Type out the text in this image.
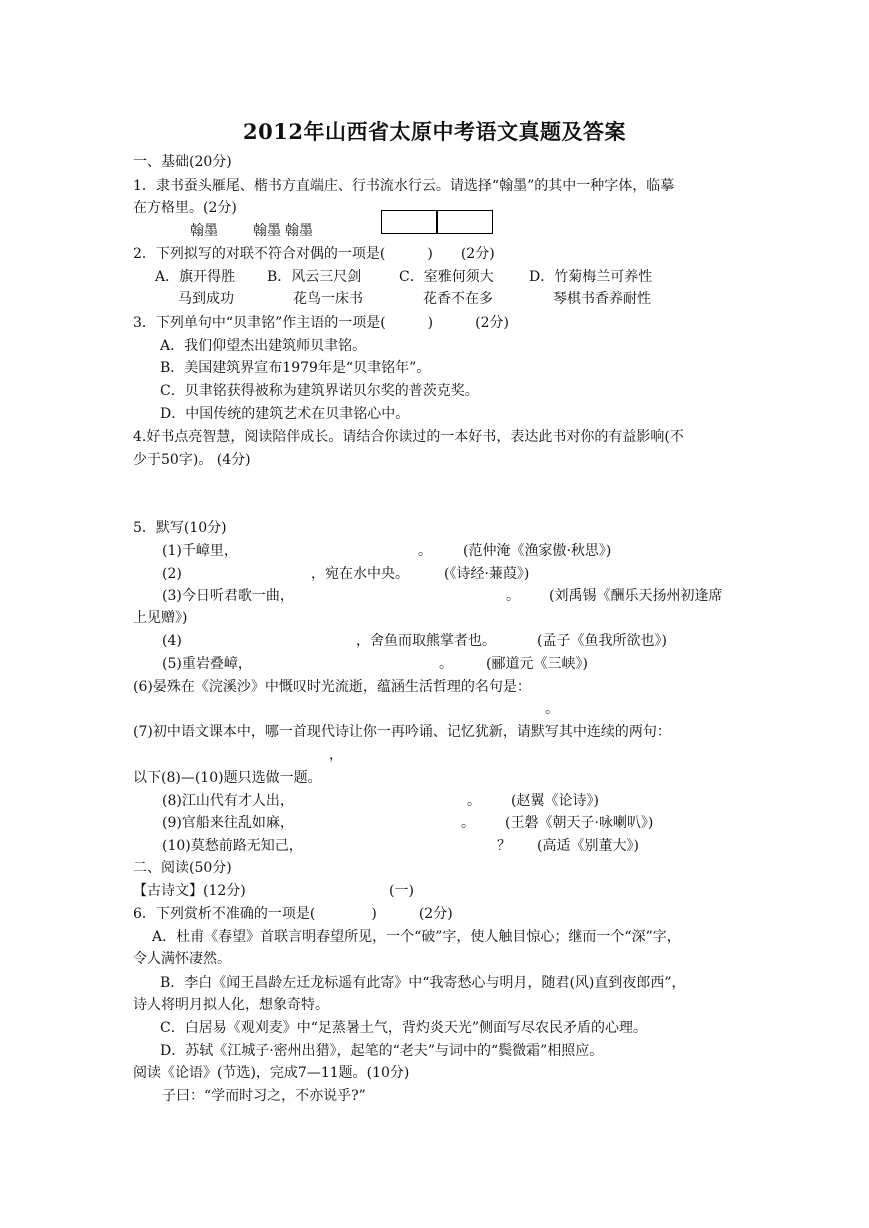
2012年山西省太原中考语文真题及答案
一、基础(20分)
1．隶书蚕头雁尾、楷书方直端庄、行书流水行云。请选择“翰墨”的其中一种字体，临摹
在方格里。(2分)
翰墨	翰墨 翰墨
2．下列拟写的对联不符合对偶的一项是(　　　)　　(2分)
A．旗开得胜 B．风云三尺剑	C．室雅何须大	D．竹菊梅兰可养性
马到成功	花鸟一床书	花香不在多	琴棋书香养耐性
3．下列单句中“贝聿铭”作主语的一项是(　　　)　　　(2分)
A．我们仰望杰出建筑师贝聿铭。
B．美国建筑界宣布1979年是“贝聿铭年”。
C．贝聿铭获得被称为建筑界诺贝尔奖的普茨克奖。
D．中国传统的建筑艺术在贝聿铭心中。
4.好书点亮智慧，阅读陪伴成长。请结合你读过的一本好书，表达此书对你的有益影响(不
少于50字)。 (4分)
5．默写(10分)
(1)千嶂里，	。 (范仲淹《渔家傲·秋思》)
(2)	，宛在水中央。	(《诗经·蒹葭》)
(3)今日听君歌一曲，	。 (刘禹锡《酬乐天扬州初逢席
上见赠》)
(4)	，舍鱼而取熊掌者也。	(孟子《鱼我所欲也》)
(5)重岩叠嶂，	。 (郦道元《三峡》)
(6)晏殊在《浣溪沙》中慨叹时光流逝，蕴涵生活哲理的名句是：
。
(7)初中语文课本中，哪一首现代诗让你一再吟诵、记忆犹新，请默写其中连续的两句：
，
以下(8)—(10)题只选做一题。
(8)江山代有才人出，	。 (赵翼《论诗》)
(9)官船来往乱如麻，	。 (王磐《朝天子·咏喇叭》)
(10)莫愁前路无知己，	？ (高适《别董大》)
二、阅读(50分)
【古诗文】(12分)	(一)
6．下列赏析不准确的一项是(　　　　)　　　(2分)
A．杜甫《春望》首联言明春望所见，一个“破”字，使人触目惊心；继而一个“深”字，
令人满怀凄然。
B．李白《闻王昌龄左迁龙标遥有此寄》中“我寄愁心与明月，随君(风)直到夜郎西”，
诗人将明月拟人化，想象奇特。
C．白居易《观刈麦》中“足蒸暑土气，背灼炎天光”侧面写尽农民矛盾的心理。
D．苏轼《江城子·密州出猎》，起笔的“老夫”与词中的“鬓微霜”相照应。
阅读《论语》(节选)，完成7—11题。(10分)
子曰：“学而时习之，不亦说乎?”
